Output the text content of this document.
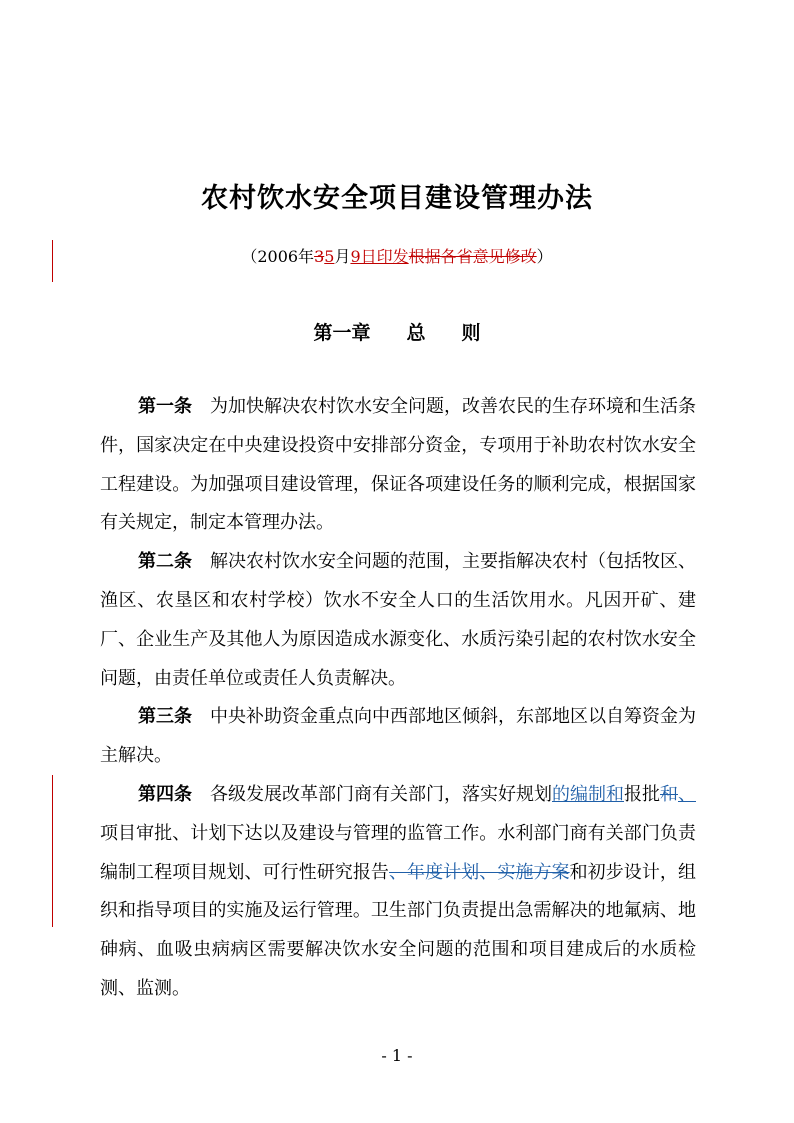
农村饮水安全项目建设管理办法
（2006年35月9日印发根据各省意见修改）
第一章 总 则

第一条 为加快解决农村饮水安全问题，改善农民的生存环境和生活条件，国家决定在中央建设投资中安排部分资金，专项用于补助农村饮水安全工程建设。为加强项目建设管理，保证各项建设任务的顺利完成，根据国家有关规定，制定本管理办法。

第二条 解决农村饮水安全问题的范围，主要指解决农村（包括牧区、渔区、农垦区和农村学校）饮水不安全人口的生活饮用水。凡因开矿、建厂、企业生产及其他人为原因造成水源变化、水质污染引起的农村饮水安全问题，由责任单位或责任人负责解决。

第三条 中央补助资金重点向中西部地区倾斜，东部地区以自筹资金为主解决。

第四条 各级发展改革部门商有关部门，落实好规划的编制和报批和、项目审批、计划下达以及建设与管理的监管工作。水利部门商有关部门负责编制工程项目规划、可行性研究报告、年度计划、实施方案和初步设计，组织和指导项目的实施及运行管理。卫生部门负责提出急需解决的地氟病、地砷病、血吸虫病病区需要解决饮水安全问题的范围和项目建成后的水质检测、监测。

- 1 -
